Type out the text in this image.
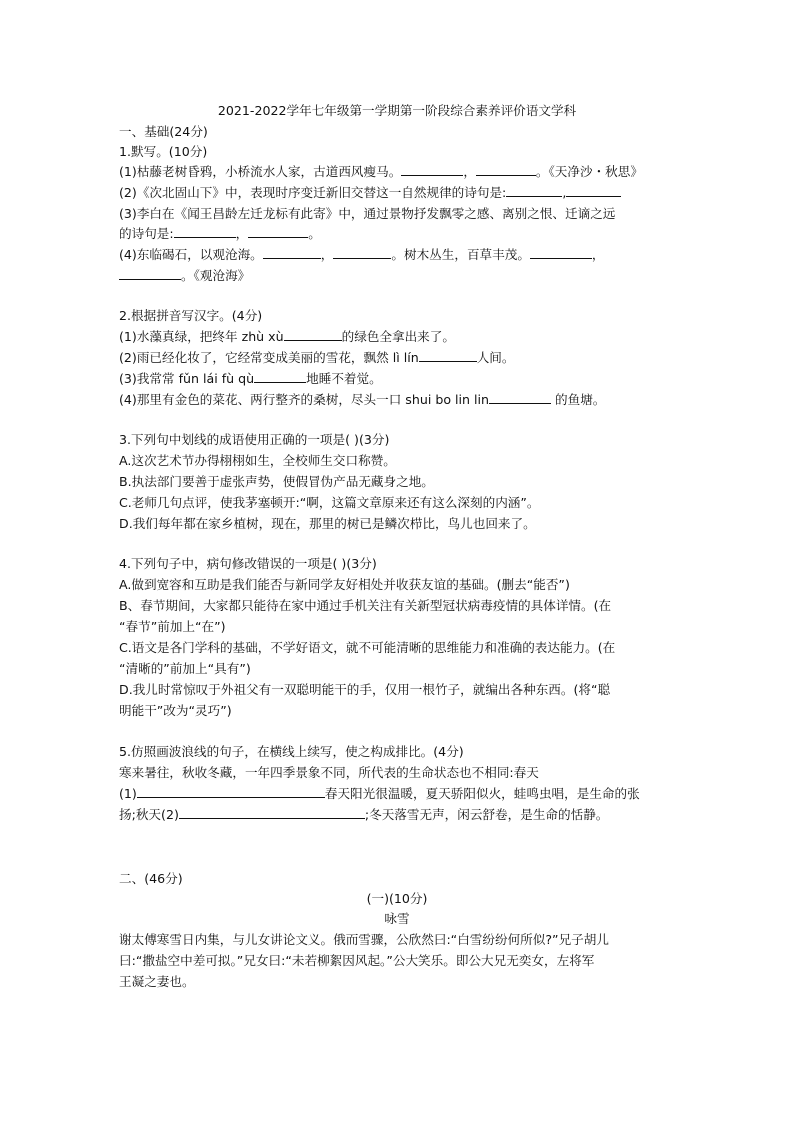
2021-2022学年七年级第一学期第一阶段综合素养评价语文学科
一、基础(24分)
1.默写。(10分)
(1)枯藤老树昏鸦，小桥流水人家，古道西风瘦马。	，	。《天净沙・秋思》
(2)《次北固山下》中，表现时序变迁新旧交替这一自然规律的诗句是:	,
(3)李白在《闻王昌龄左迁龙标有此寄》中，通过景物抒发飘零之感、离别之恨、迁谪之远
的诗句是:	，	。
(4)东临碣石，以观沧海。	，	。树木丛生，百草丰茂。	，
。《观沧海》
2.根据拼音写汉字。(4分)
(1)水藻真绿，把终年 zhù xù	的绿色全拿出来了。
(2)雨已经化妆了，它经常变成美丽的雪花，飘然 lì lín	人间。
(3)我常常 fǔn lái fù qù	地睡不着觉。
(4)那里有金色的菜花、两行整齐的桑树，尽头一口 shui bo lin lin	的鱼塘。
3.下列句中划线的成语使用正确的一项是( )(3分)
A.这次艺术节办得栩栩如生，全校师生交口称赞。
B.执法部门要善于虚张声势，使假冒伪产品无藏身之地。
C.老师几句点评，使我茅塞顿开:“啊，这篇文章原来还有这么深刻的内涵”。
D.我们每年都在家乡植树，现在，那里的树已是鳞次栉比，鸟儿也回来了。
4.下列句子中，病句修改错误的一项是( )(3分)
A.做到宽容和互助是我们能否与新同学友好相处并收获友谊的基础。(删去“能否”)
B、春节期间，大家都只能待在家中通过手机关注有关新型冠状病毒疫情的具体详情。(在
“春节”前加上“在”)
C.语文是各门学科的基础，不学好语文，就不可能清晰的思维能力和准确的表达能力。(在
“清晰的”前加上“具有”)
D.我儿时常惊叹于外祖父有一双聪明能干的手，仅用一根竹子，就编出各种东西。(将“聪
明能干”改为“灵巧”)
5.仿照画波浪线的句子，在横线上续写，使之构成排比。(4分)
寒来暑往，秋收冬藏，一年四季景象不同，所代表的生命状态也不相同:春天
(1)	春天阳光很温暖，夏天骄阳似火，蛙鸣虫唱，是生命的张
扬;秋天(2)	;冬天落雪无声，闲云舒卷，是生命的恬静。
二、(46分)
(一)(10分)
咏雪
谢太傅寒雪日内集，与儿女讲论文义。俄而雪骤，公欣然曰:“白雪纷纷何所似?”兄子胡儿
曰:“撒盐空中差可拟。”兄女曰:“未若柳絮因风起。”公大笑乐。即公大兄无奕女，左将军
王凝之妻也。
